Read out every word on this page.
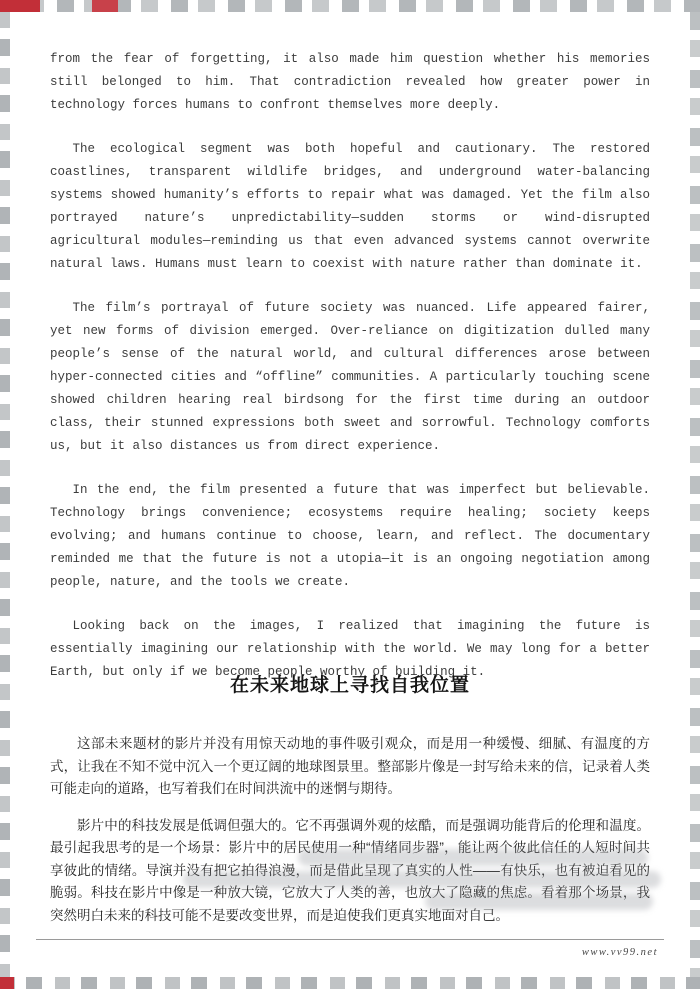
from the fear of forgetting, it also made him question whether his memories still belonged to him. That contradiction revealed how greater power in technology forces humans to confront themselves more deeply.

The ecological segment was both hopeful and cautionary. The restored coastlines, transparent wildlife bridges, and underground water-balancing systems showed humanity’s efforts to repair what was damaged. Yet the film also portrayed nature’s unpredictability—sudden storms or wind-disrupted agricultural modules—reminding us that even advanced systems cannot overwrite natural laws. Humans must learn to coexist with nature rather than dominate it.

The film’s portrayal of future society was nuanced. Life appeared fairer, yet new forms of division emerged. Over-reliance on digitization dulled many people’s sense of the natural world, and cultural differences arose between hyper-connected cities and “offline” communities. A particularly touching scene showed children hearing real birdsong for the first time during an outdoor class, their stunned expressions both sweet and sorrowful. Technology comforts us, but it also distances us from direct experience.

In the end, the film presented a future that was imperfect but believable. Technology brings convenience; ecosystems require healing; society keeps evolving; and humans continue to choose, learn, and reflect. The documentary reminded me that the future is not a utopia—it is an ongoing negotiation among people, nature, and the tools we create.

Looking back on the images, I realized that imagining the future is essentially imagining our relationship with the world. We may long for a better Earth, but only if we become people worthy of building it.

在未来地球上寻找自我位置

这部未来题材的影片并没有用惊天动地的事件吸引观众，而是用一种缓慢、细腻、有温度的方式，让我在不知不觉中沉入一个更辽阔的地球图景里。整部影片像是一封写给未来的信，记录着人类可能走向的道路，也写着我们在时间洪流中的迷惘与期待。

影片中的科技发展是低调但强大的。它不再强调外观的炫酷，而是强调功能背后的伦理和温度。最引起我思考的是一个场景：影片中的居民使用一种“情绪同步器”，能让两个彼此信任的人短时间共享彼此的情绪。导演并没有把它拍得浪漫，而是借此呈现了真实的人性——有快乐，也有被迫看见的脆弱。科技在影片中像是一种放大镜，它放大了人类的善，也放大了隐藏的焦虑。看着那个场景，我突然明白未来的科技可能不是要改变世界，而是迫使我们更真实地面对自己。

www.vv99.net
